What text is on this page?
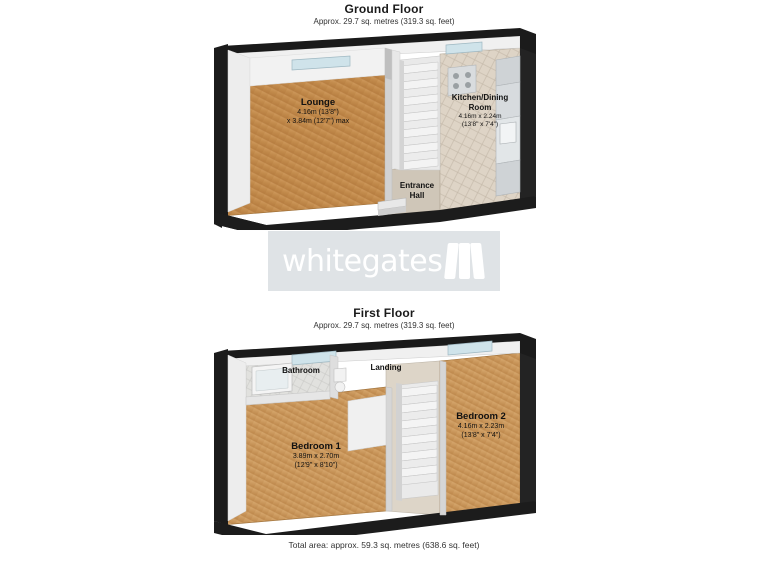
Ground Floor
Approx. 29.7 sq. metres (319.3 sq. feet)
Lounge
4.16m (13'8")
x 3.84m (12'7") max
Kitchen/Dining
Room
4.16m x 2.24m
(13'8" x 7'4")
Entrance
Hall
whitegates
First Floor
Approx. 29.7 sq. metres (319.3 sq. feet)
Bathroom	Landing
Bedroom 1
3.89m x 2.70m
(12'9" x 8'10")
Bedroom 2
4.16m x 2.23m
(13'8" x 7'4")
Total area: approx. 59.3 sq. metres (638.6 sq. feet)
